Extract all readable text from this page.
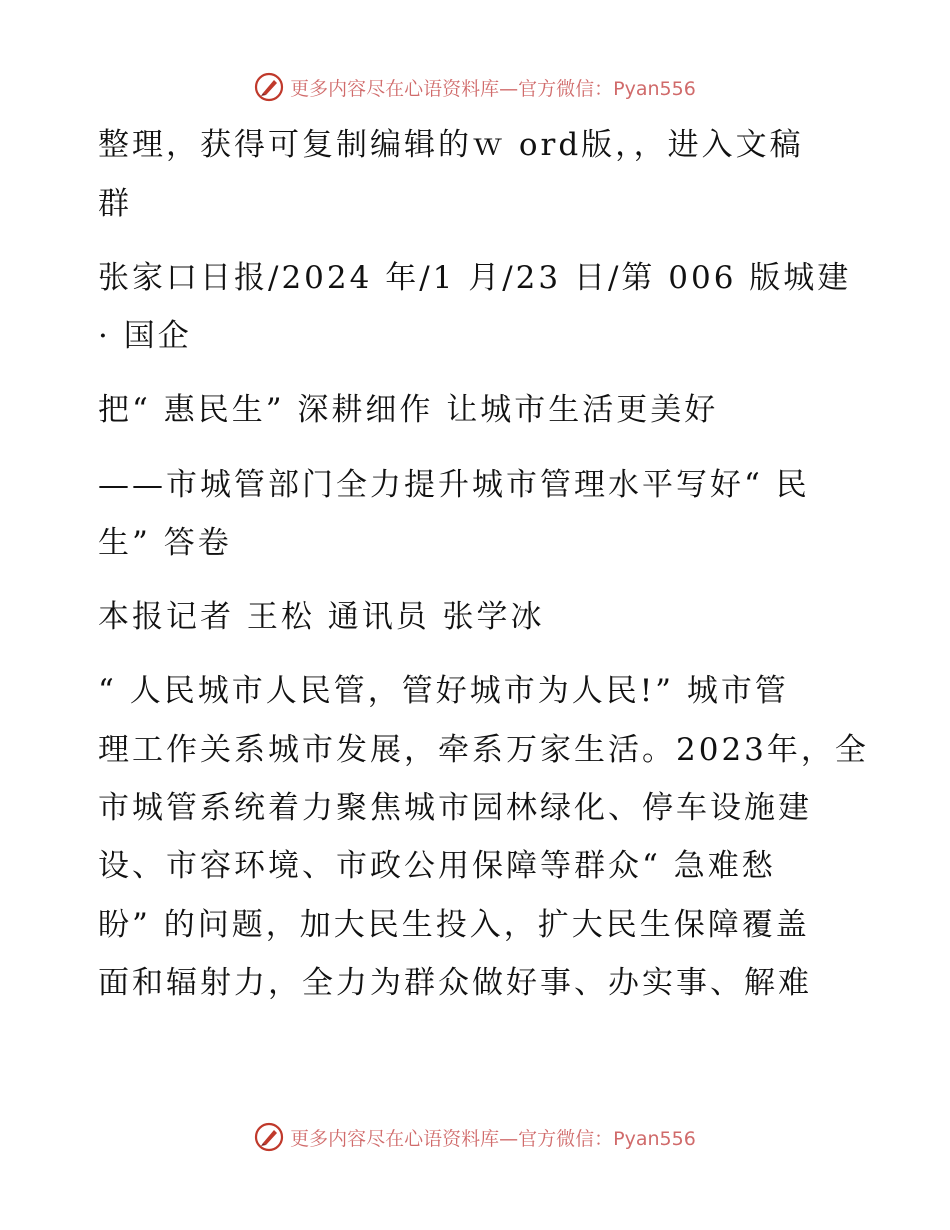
更多内容尽在心语资料库—官方微信：Pyan556
整理，获得可复制编辑的ｗ ord版，，进入文稿
群
张家口日报/2024 年/1 月/23 日/第 006 版城建
· 国企
把“ 惠民生” 深耕细作 让城市生活更美好
——市城管部门全力提升城市管理水平写好“ 民
生” 答卷
本报记者 王松 通讯员 张学冰
“ 人民城市人民管，管好城市为人民!” 城市管
理工作关系城市发展，牵系万家生活。2023年，全
市城管系统着力聚焦城市园林绿化、停车设施建
设、市容环境、市政公用保障等群众“ 急难愁
盼” 的问题，加大民生投入，扩大民生保障覆盖
面和辐射力，全力为群众做好事、办实事、解难
更多内容尽在心语资料库—官方微信：Pyan556
